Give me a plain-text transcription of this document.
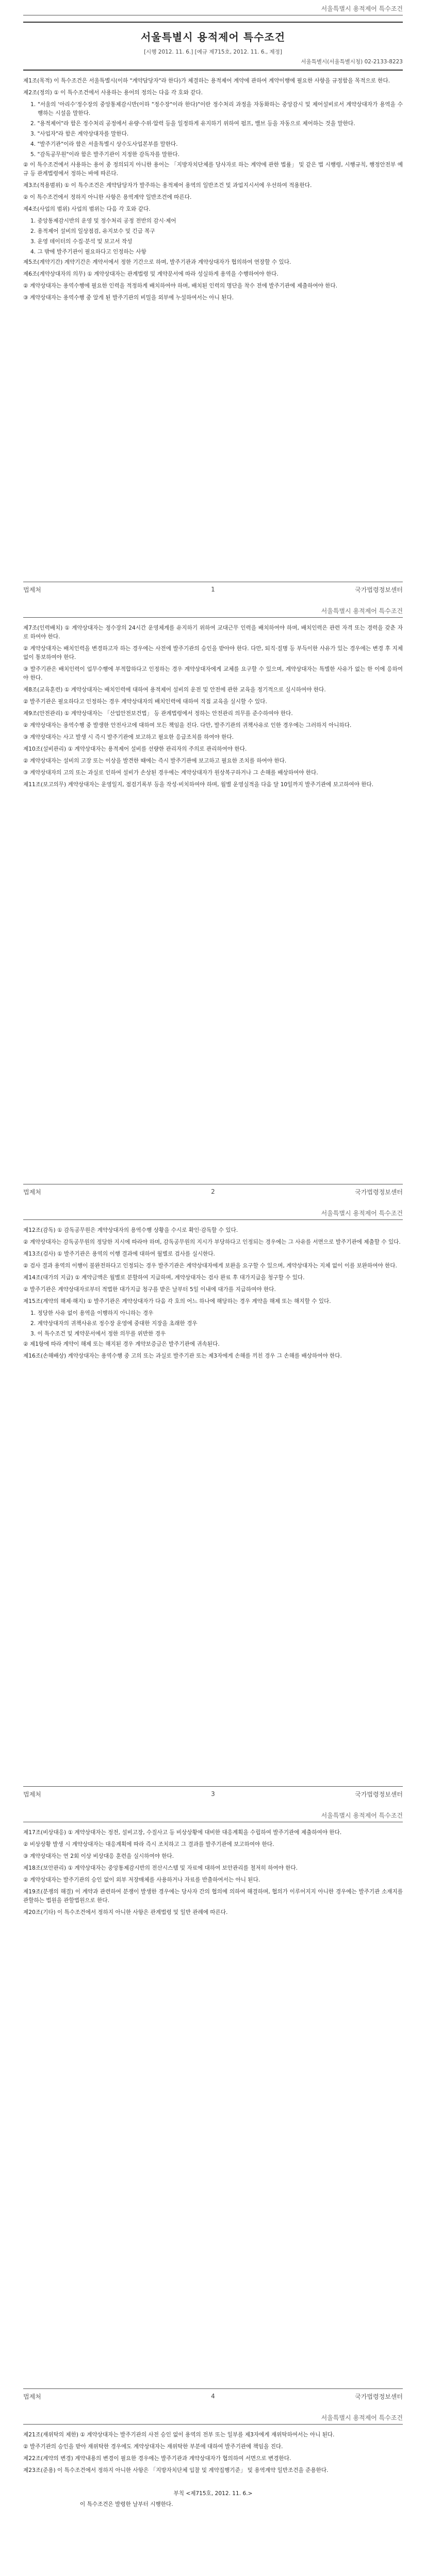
서울특별시 용적제어 특수조건
서울특별시 용적제어 특수조건
[시행 2012. 11. 6.] [예규 제715호, 2012. 11. 6., 제정]
서울특별시(서울특별시청) 02-2133-8223

제1조(목적) 이 특수조건은 서울특별시(이하 "계약담당자"라 한다)가 체결하는 용적제어 계약에 관하여 계약이행에 필요한 사항을 규정함을 목적으로 한다.

제2조(정의) ① 이 특수조건에서 사용하는 용어의 정의는 다음 각 호와 같다.

1. "서울의 '아리수'정수장의 중앙통제감시반(이하 "정수장"이라 한다)"이란 정수처리 과정을 자동화하는 중앙감시 및 제어설비로서 계약상대자가 용역을 수행하는 시설을 말한다.

2. "용적제어"라 함은 정수처리 공정에서 유량·수위·압력 등을 일정하게 유지하기 위하여 펌프, 밸브 등을 자동으로 제어하는 것을 말한다.

3. "사업자"라 함은 계약상대자를 말한다.

4. "발주기관"이라 함은 서울특별시 상수도사업본부를 말한다.

5. "감독공무원"이라 함은 발주기관이 지정한 감독자를 말한다.

② 이 특수조건에서 사용하는 용어 중 정의되지 아니한 용어는 「지방자치단체를 당사자로 하는 계약에 관한 법률」 및 같은 법 시행령, 시행규칙, 행정안전부 예규 등 관계법령에서 정하는 바에 따른다.

제3조(적용범위) ① 이 특수조건은 계약담당자가 발주하는 용적제어 용역의 일반조건 및 과업지시서에 우선하여 적용한다.

② 이 특수조건에서 정하지 아니한 사항은 용역계약 일반조건에 따른다.

제4조(사업의 범위) 사업의 범위는 다음 각 호와 같다.

1. 중앙통제감시반의 운영 및 정수처리 공정 전반의 감시·제어

2. 용적제어 설비의 일상점검, 유지보수 및 긴급 복구

3. 운영 데이터의 수집·분석 및 보고서 작성

4. 그 밖에 발주기관이 필요하다고 인정하는 사항

제5조(계약기간) 계약기간은 계약서에서 정한 기간으로 하며, 발주기관과 계약상대자가 협의하여 연장할 수 있다.

제6조(계약상대자의 의무) ① 계약상대자는 관계법령 및 계약문서에 따라 성실하게 용역을 수행하여야 한다.

② 계약상대자는 용역수행에 필요한 인력을 적정하게 배치하여야 하며, 배치된 인력의 명단을 착수 전에 발주기관에 제출하여야 한다.

③ 계약상대자는 용역수행 중 알게 된 발주기관의 비밀을 외부에 누설하여서는 아니 된다.

법제처	1	국가법령정보센터
서울특별시 용적제어 특수조건

제7조(인력배치) ① 계약상대자는 정수장의 24시간 운영체계를 유지하기 위하여 교대근무 인력을 배치하여야 하며, 배치인력은 관련 자격 또는 경력을 갖춘 자로 하여야 한다.

② 계약상대자는 배치인력을 변경하고자 하는 경우에는 사전에 발주기관의 승인을 받아야 한다. 다만, 퇴직·질병 등 부득이한 사유가 있는 경우에는 변경 후 지체 없이 통보하여야 한다.

③ 발주기관은 배치인력이 업무수행에 부적합하다고 인정하는 경우 계약상대자에게 교체를 요구할 수 있으며, 계약상대자는 특별한 사유가 없는 한 이에 응하여야 한다.

제8조(교육훈련) ① 계약상대자는 배치인력에 대하여 용적제어 설비의 운전 및 안전에 관한 교육을 정기적으로 실시하여야 한다.

② 발주기관은 필요하다고 인정하는 경우 계약상대자의 배치인력에 대하여 직접 교육을 실시할 수 있다.

제9조(안전관리) ① 계약상대자는 「산업안전보건법」 등 관계법령에서 정하는 안전관리 의무를 준수하여야 한다.

② 계약상대자는 용역수행 중 발생한 안전사고에 대하여 모든 책임을 진다. 다만, 발주기관의 귀책사유로 인한 경우에는 그러하지 아니하다.

③ 계약상대자는 사고 발생 시 즉시 발주기관에 보고하고 필요한 응급조치를 하여야 한다.

제10조(설비관리) ① 계약상대자는 용적제어 설비를 선량한 관리자의 주의로 관리하여야 한다.

② 계약상대자는 설비의 고장 또는 이상을 발견한 때에는 즉시 발주기관에 보고하고 필요한 조치를 하여야 한다.

③ 계약상대자의 고의 또는 과실로 인하여 설비가 손상된 경우에는 계약상대자가 원상복구하거나 그 손해를 배상하여야 한다.

제11조(보고의무) 계약상대자는 운영일지, 점검기록부 등을 작성·비치하여야 하며, 월별 운영실적을 다음 달 10일까지 발주기관에 보고하여야 한다.

법제처	2	국가법령정보센터
서울특별시 용적제어 특수조건

제12조(감독) ① 감독공무원은 계약상대자의 용역수행 상황을 수시로 확인·감독할 수 있다.

② 계약상대자는 감독공무원의 정당한 지시에 따라야 하며, 감독공무원의 지시가 부당하다고 인정되는 경우에는 그 사유를 서면으로 발주기관에 제출할 수 있다.

제13조(검사) ① 발주기관은 용역의 이행 결과에 대하여 월별로 검사를 실시한다.

② 검사 결과 용역의 이행이 불완전하다고 인정되는 경우 발주기관은 계약상대자에게 보완을 요구할 수 있으며, 계약상대자는 지체 없이 이를 보완하여야 한다.

제14조(대가의 지급) ① 계약금액은 월별로 분할하여 지급하며, 계약상대자는 검사 완료 후 대가지급을 청구할 수 있다.

② 발주기관은 계약상대자로부터 적법한 대가지급 청구를 받은 날부터 5일 이내에 대가를 지급하여야 한다.

제15조(계약의 해제·해지) ① 발주기관은 계약상대자가 다음 각 호의 어느 하나에 해당하는 경우 계약을 해제 또는 해지할 수 있다.

1. 정당한 사유 없이 용역을 이행하지 아니하는 경우

2. 계약상대자의 귀책사유로 정수장 운영에 중대한 지장을 초래한 경우

3. 이 특수조건 및 계약문서에서 정한 의무를 위반한 경우

② 제1항에 따라 계약이 해제 또는 해지된 경우 계약보증금은 발주기관에 귀속된다.

제16조(손해배상) 계약상대자는 용역수행 중 고의 또는 과실로 발주기관 또는 제3자에게 손해를 끼친 경우 그 손해를 배상하여야 한다.

법제처	3	국가법령정보센터
서울특별시 용적제어 특수조건

제17조(비상대응) ① 계약상대자는 정전, 설비고장, 수질사고 등 비상상황에 대비한 대응계획을 수립하여 발주기관에 제출하여야 한다.

② 비상상황 발생 시 계약상대자는 대응계획에 따라 즉시 조치하고 그 결과를 발주기관에 보고하여야 한다.

③ 계약상대자는 연 2회 이상 비상대응 훈련을 실시하여야 한다.

제18조(보안관리) ① 계약상대자는 중앙통제감시반의 전산시스템 및 자료에 대하여 보안관리를 철저히 하여야 한다.

② 계약상대자는 발주기관의 승인 없이 외부 저장매체를 사용하거나 자료를 반출하여서는 아니 된다.

제19조(분쟁의 해결) 이 계약과 관련하여 분쟁이 발생한 경우에는 당사자 간의 협의에 의하여 해결하며, 협의가 이루어지지 아니한 경우에는 발주기관 소재지를 관할하는 법원을 관할법원으로 한다.

제20조(기타) 이 특수조건에서 정하지 아니한 사항은 관계법령 및 일반 관례에 따른다.

법제처	4	국가법령정보센터
서울특별시 용적제어 특수조건

제21조(재위탁의 제한) ① 계약상대자는 발주기관의 사전 승인 없이 용역의 전부 또는 일부를 제3자에게 재위탁하여서는 아니 된다.

② 발주기관의 승인을 받아 재위탁한 경우에도 계약상대자는 재위탁한 부분에 대하여 발주기관에 책임을 진다.

제22조(계약의 변경) 계약내용의 변경이 필요한 경우에는 발주기관과 계약상대자가 협의하여 서면으로 변경한다.

제23조(준용) 이 특수조건에서 정하지 아니한 사항은 「지방자치단체 입찰 및 계약집행기준」 및 용역계약 일반조건을 준용한다.

부칙 <제715호, 2012. 11. 6.>
이 특수조건은 발령한 날부터 시행한다.
